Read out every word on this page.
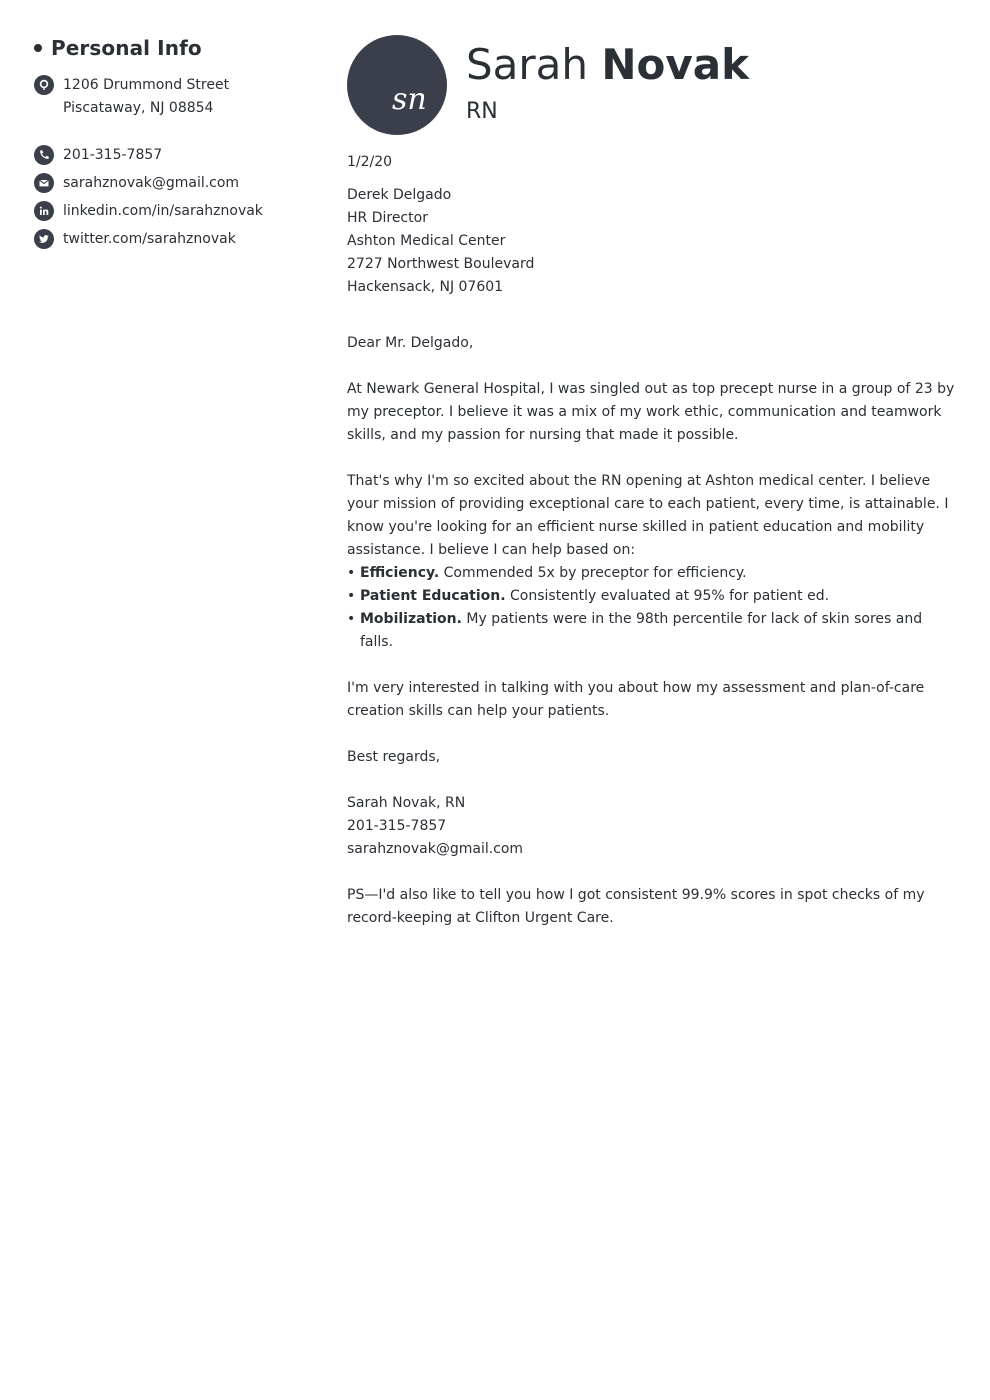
Personal Info
1206 Drummond Street
Piscataway, NJ 08854
201-315-7857
sarahznovak@gmail.com
linkedin.com/in/sarahznovak
twitter.com/sarahznovak
sn
Sarah Novak
RN
1/2/20
Derek Delgado
HR Director
Ashton Medical Center
2727 Northwest Boulevard
Hackensack, NJ 07601
Dear Mr. Delgado,
At Newark General Hospital, I was singled out as top precept nurse in a group of 23 by my preceptor. I believe it was a mix of my work ethic, communication and teamwork skills, and my passion for nursing that made it possible.
That's why I'm so excited about the RN opening at Ashton medical center. I believe your mission of providing exceptional care to each patient, every time, is attainable. I know you're looking for an efficient nurse skilled in patient education and mobility assistance. I believe I can help based on:
• Efficiency. Commended 5x by preceptor for efficiency.
• Patient Education. Consistently evaluated at 95% for patient ed.
• Mobilization. My patients were in the 98th percentile for lack of skin sores and falls.
I'm very interested in talking with you about how my assessment and plan-of-care creation skills can help your patients.
Best regards,
Sarah Novak, RN
201-315-7857
sarahznovak@gmail.com
PS—I'd also like to tell you how I got consistent 99.9% scores in spot checks of my record-keeping at Clifton Urgent Care.
